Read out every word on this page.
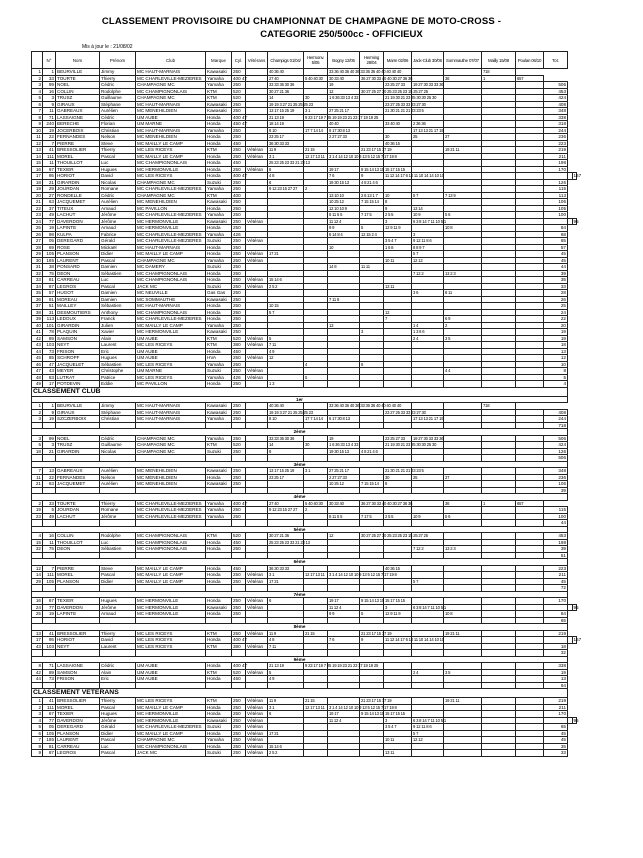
CLASSEMENT PROVISOIRE DU CHAMPIONNAT DE CHAMPAGNE DE MOTO-CROSS -
CATEGORIE 250/500cc - OFFICIEUX
Mis à jour le : 21/08/02
	N°	Nom	Prénom	Club	Marque	Cyl.	Vétérans	Champigs 01/04/	Hermonv. 5/05	Bogny 12/05	Herming 28/04	Marre 02/06	Jack-Club 30/06	Sommauthe 07/07	Mailly 15/08	Poulan 06/10	Tot.		
1	1	BEURVILLE	Jimmy	MC HAUT-MARNAIS	Kawasaki	250		40 36 40		33 36 40 36 40 36 33 36 36 40 40 40 40 40					718				
2	33	TOURTE	Thierry	MC CHARLEVILLE-MEZIERES	Yamaha	400 4T		27 40	5 40 40 30	30 33 40	36 27 30 33 40 40 30 27 36 36			36	1	657			
3	99	NOEL	Cédric	CHAMPAGNE MC	Yamaha	250		33 33 36 30 36		19		23 25 27 33	19 27 30 33 33 36				506		
4	16	COLLIN	Rodolphe	MC CHAMPIGNONLAIS	KTM	520		30 27 21 36		12	30 27 25 27 30 25 23 25 23 15 25 27 25						453		
5	3	TRUSZ	Guillaume	CHAMPAGNE MC	KTM	520		14	30	1 6 36 33 13 4 33		21 19 30 21 23 25 30 30 25 30					424		
6	9	GIRAUX	Stéphane	MC HAUT-MARNAIS	Kawasaki	250		19 19 3 27 21 25 25 25 23				23 27 25 33 33 23 27 30					408		
7	11	GABREAUX	Aurélien	MC MENEHILDIEN	Kawasaki	250		13 17 15 25 19	3 1	27 25 21 17		21 30 21 21 21 23 23 5					348		
8	71	LASSAIGNE	Cédric	UM AUBE	Honda	400 4T		21 13 19	9 23 17 19 7 25 19 19 23 21 23 17 19 19 25								338		
9	240	BERECHE	Florian	UM MARNE	Honda	450 4T		18 14 19		40 40		33 40 40	2 36 36				318		
10	19	JOCERBOIX	Christian	MC HAUT-MARNAIS	Yamaha	250		8 10	17 7 14 14	6 17 30 8 13			17 13 13 21 17 19				244		
11	22	FERNANDES	Nelson	MC MENEHILDIEN	Honda	250		23 25 17		2 27 27 33		30	25	27			236		
12	7	PIERRE	Steve	MC MAILLY LE CAMP	Honda	450		36 30 33 33				40 36 15					223		
13	41	BRESSOLIER	Thierry	MC LES RICEYS	KTM	250	Vétéran	11 9	21 15		21 23 17 15 17 19			19 21 11			219		
14	111	MOREL	Pascal	MC MAILLY LE CAMP	Honda	250	Vétéran	3 1	12 17 13 11	3 1 4 14 12 10 10 9 13 5 12 15 7 17 19 8							211		
15	11	THOUILLOT	Luc	MC CHAMPIGNONLAIS	Honda	450		25 23 25 23 33 21 23 13									198		
16	67	TEXIER	Hugues	MC HERMONVILLE	Honda	250	Vétéran	6		19 17	9 15 14 13 15	15 17 15 15					170		
17	95	HORIOT	David	MC LES RICEYS	Honda	400 4T		4 8		7 6	9	11 12 14 17 6 14 11 10 14 14 10 10							167
18	21	GIRARDIN	Nicolas	CHAMPAGNE MC	Suzuki	250		6		19 30 15 13	4 8 21 4 6						126		
19	29	JOURDAN	Romane	MC CHARLEVILLE-MEZIERES	Yamaha	250		9 12 23 15 27 27	2								115		
20	27	RONDELLE	Cédric	CHAMPAGNE MC	KTM	400				13 10 10	2 6 13 1 7	10	5 7	7 13 9			113		
21	63	JACQUEMET	Aurélien	MC MENEHILDIEN	Kawasaki	250				10 25 12	7 15 15 14	8					106		
22	37	TITEUX	Arnaud	MC PAVILLON	Honda	250				12 10 10 9		9	13 14				105		
23	49	LACHUT	Jérôme	MC CHARLEVILLE-MEZIERES	Yamaha	250				8 11 5 5	7 17 5	2 5 5	10 9	5 6			100		
24	77	DAVERDON	Jérôme	MC HERMONVILLE	Kawasaki	250	Vétéran			11 12 4		3	6 3 8 14 7 11 10 5 1						95
25	19	LAPINTE	Arnaud	MC HERMONVILLE	Honda	250				9 9	5	12 9 11 9		10 8			84		
26	98	KULPA	Fabrice	MC CHARLEVILLE-MEZIERES	Yamaha	426				6 14 8 4	12 15 2 4		3				68		
27	05	DEREGARD	Gérald	MC CHARLEVILLE-MEZIERES	Suzuki	250	Vétéran					3 5 4 7	9 12 11 8 6				65		
28	69	ROSE	Mickaël	MC HAUT-MARNAIS	Honda	250				10		1 6 8	8 8 9 7				57		
29	105	PLANSON	Didier	MC MAILLY LE CAMP	Honda	250	Vétéran	17 21					5 7				45		
30	185	LAURENT	Pascal	CHAMPAGNE MC	Yamaha	250	Vétéran					10 11	12 12				45		
31	38	PONSARD	Damien	MC DAMERY	Suzuki	250				14 8	11 11						44		
32	75	DEON	Sébastien	MC CHAMPIGNONLAIS	Honda	250							7 12 2	13 2 3			39		
33	81	CARREAU	Luc	MC CHAMPIGNONLAIS	Honda	250	Vétéran	15 14 6									35		
34	87	LEGROS	Pascal	JACK MC	Suzuki	250	Vétéran	2 5 2				13 11					33		
35	57	HUGOT	Damien	MC NEUVILLE	Gas Gas	250							3 6	8 11			28		
36	91	MOREAU	Damien	MC SOMMAUTHE	Kawasaki	250				7 11 8							26		
37	51	MAILLEY	Sébastien	MC HAUT-MARNAIS	Honda	250		10 15									25		
38	31	DESMOUTIERS	Anthony	MC CHAMPIGNONLAIS	Honda	250		5 7				12					24		
39	113	LEDOUX	Franck	MC CHARLEVILLE-MEZIERES	Honda	250						7		6 9			22		
40	101	GIRARDIN	Julien	MC MAILLY LE CAMP	Yamaha	250				13			1 4	2			20		
41	78	PLAQUIN	Xavier	MC HERMONVILLE	Kawasaki	250					3		1 3 6 6				19		
42	89	SAMSON	Alain	UM AUBE	KTM	520	Vétéran	5					2 4	3 5			19		
43	103	NEYT	Laurent	MC LES RICEYS	KTM	380	Vétéran	7 11									18		
44	73	FRISON	Eric	UM AUBE	Honda	450		4 9									13		
45	85	SCHROPF	Hugues	UM AUBE	HVA	250	Vétéran	12									12		
46	47	JACQUELET	Sébastien	MC LES RICEYS	Yamaha	250			4		6						10		
47	43	MEYER	Christophe	UM MARNE	Suzuki	250	Vétéran							4 4			8		
48	83	LUTRAT	Patrice	MC LES RICEYS	Yamaha	426	Vétéran		5								5		
49	17	POTDEVIN	Eddie	MC PAVILLON	Honda	250		1 3									4		
CLASSEMENT CLUB																			
1er																			
1	1	BEURVILLE	Jimmy	MC HAUT-MARNAIS	Kawasaki	250		40 36 40		33 36 40 36 40 36 33 36 36 40 40 40 40 40					718				
2	9	GIRAUX	Stéphane	MC HAUT-MARNAIS	Kawasaki	250		19 19 3 27 21 25 25 25 23				23 27 25 33 33 23 27 30					408		
3	19	SZCZERBOIX	Christian	MC HAUT-MARNAIS	Yamaha	250		8 10	17 7 14 14	6 17 30 8 13			17 13 13 21 17 19				244		
																	718		
2ème																			
3	99	NOEL	Cédric	CHAMPAGNE MC	Yamaha	250		33 33 36 30 36		19		23 25 27 33	19 27 30 33 33 36				506		
5	3	TRUSZ	Guillaume	CHAMPAGNE MC	KTM	520		14	30	1 6 36 33 13 4 33		21 19 30 21 23 25 30 30 25 30					424		
18	21	GIRARDIN	Nicolas	CHAMPAGNE MC	Suzuki	250		6		19 30 15 13	4 8 21 4 6						126		
																	506		
3ème																			
7	13	GABREAUX	Aurélien	MC MENEHILDIEN	Kawasaki	250		13 17 15 25 19	3 1	27 25 21 17		21 30 21 21 21 23 23 5					348		
11	22	FERNANDES	Nelson	MC MENEHILDIEN	Honda	250		23 25 17		2 27 27 33		30	25	27			236		
21	63	JACQUEMET	Aurélien	MC MENEHILDIEN	Kawasaki	250				10 25 12	7 15 15 14	8					106		
																	39		
4ème																			
2	33	TOURTE	Thierry	MC CHARLEVILLE-MEZIERES	Yamaha	400 4T		27 40	5 40 40 30	30 33 40	36 27 30 33 40 40 30 27 36 36			36	1	657			
19	5	JOURDAN	Romane	MC CHARLEVILLE-MEZIERES	Yamaha	250		9 12 23 15 27 27	2								115		
23	49	LACHUT	Jérôme	MC CHARLEVILLE-MEZIERES	Yamaha	250				8 11 5 5	7 17 5	2 5 5	10 9	5 6			100		
																	44		
5ème																			
4	16	COLLIN	Rodolphe	MC CHAMPIGNONLAIS	KTM	520		30 27 21 36		12	30 27 25 27 30 25 23 25 23 15 25 27 25						453		
15	11	THOUILLOT	Luc	MC CHAMPIGNONLAIS	Honda	450		25 23 25 23 33 21 23 13									198		
32	75	DEON	Sébastien	MC CHAMPIGNONLAIS	Honda	250							7 12 2	13 2 3			39		
																	51		
6ème																			
12	7	PIERRE	Steve	MC MAILLY LE CAMP	Honda	450		36 30 33 33				40 36 15					223		
14	111	MOREL	Pascal	MC MAILLY LE CAMP	Honda	250	Vétéran	3 1	12 17 13 11	3 1 4 14 12 10 10 9 13 5 12 15 7 17 19 8							211		
29	105	PLANSON	Didier	MC MAILLY LE CAMP	Honda	250	Vétéran	17 21					5 7				45		
																	72		
7ème																			
16	67	TEXIER	Hugues	MC HERMONVILLE	Honda	250	Vétéran	6		19 17	9 15 14 13 15	15 17 15 15					170		
24	77	DAVERDON	Jérôme	MC HERMONVILLE	Kawasaki	250	Vétéran			11 12 4		3	6 3 8 14 7 11 10 5 1						95
25	19	LAPINTE	Arnaud	MC HERMONVILLE	Honda	250				9 9	5	12 9 11 9		10 8			84		
																	65		
8ème																			
13	41	BRESSOLIER	Thierry	MC LES RICEYS	KTM	250	Vétéran	11 9	21 15		21 23 17 15 17 19			19 21 11			219		
17	95	HORIOT	David	MC LES RICEYS	Honda	400 4T		4 8		7 6	9	11 12 14 17 6 14 11 10 14 14 10 10							167
43	103	NEYT	Laurent	MC LES RICEYS	KTM	380	Vétéran	7 11									18		
																	32		
9ème																			
8	71	LASSAIGNE	Cédric	UM AUBE	Honda	400 4T		21 13 19	9 23 17 19 7 25 19 19 23 21 23 17 19 19 25								338		
42	89	SAMSON	Alain	UM AUBE	KTM	520	Vétéran	5					2 4	3 5			19		
44	73	FRISON	Eric	UM AUBE	Honda	450		4 9									13		
																	94		
CLASSEMENT VETERANS																			
1	41	BRESSOLIER	Thierry	MC LES RICEYS	KTM	250	Vétéran	11 9	21 15		21 23 17 15 17 19			19 21 11			219		
2	111	MOREL	Pascal	MC MAILLY LE CAMP	Honda	250	Vétéran	3 1	12 17 13 11	3 1 4 14 12 10 10 9 13 5 12 15 7 17 19 8							211		
3	67	TEXIER	Hugues	MC HERMONVILLE	Honda	250	Vétéran	6		19 17	9 15 14 13 15	15 17 15 15					170		
4	77	DAVERDON	Jérôme	MC HERMONVILLE	Kawasaki	250	Vétéran			11 12 4		3	6 3 8 14 7 11 10 5 1						95
5	05	DEREGARD	Gérald	MC CHARLEVILLE-MEZIERES	Suzuki	250	Vétéran					3 5 4 7	9 12 11 8 6				65		
6	105	PLANSON	Didier	MC MAILLY LE CAMP	Honda	250	Vétéran	17 21					5 7				45		
7	185	LAURENT	Pascal	CHAMPAGNE MC	Yamaha	250	Vétéran					10 11	12 12				45		
8	81	CARREAU	Luc	MC CHAMPIGNONLAIS	Honda	250	Vétéran	15 14 6									35		
9	87	LEGROS	Pascal	JACK MC	Suzuki	250	Vétéran	2 5 2				13 11					33		
